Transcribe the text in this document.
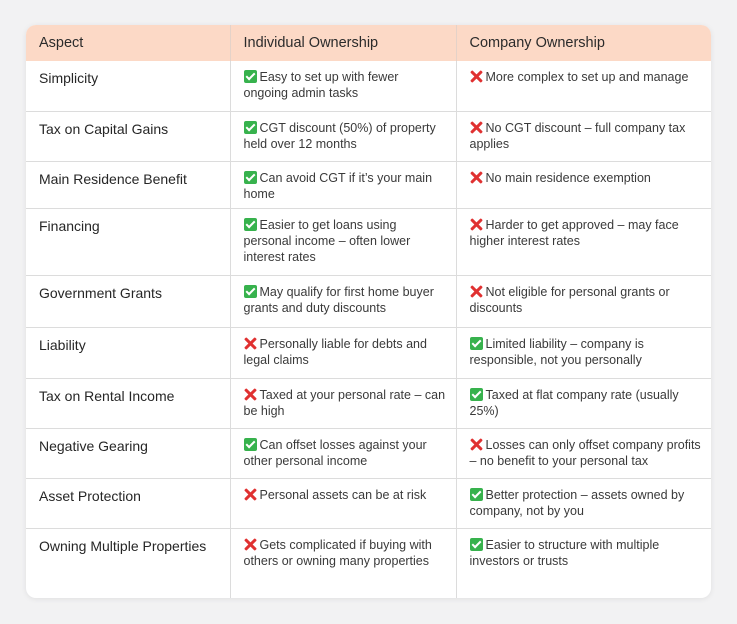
Aspect	Individual Ownership	Company Ownership
Simplicity	Easy to set up with fewer ongoing admin tasks	More complex to set up and manage
Tax on Capital Gains	CGT discount (50%) of property held over 12 months	No CGT discount – full company tax applies
Main Residence Benefit	Can avoid CGT if it’s your main home	No main residence exemption
Financing	Easier to get loans using personal income – often lower interest rates	Harder to get approved – may face higher interest rates
Government Grants	May qualify for first home buyer grants and duty discounts	Not eligible for personal grants or discounts
Liability	Personally liable for debts and legal claims	Limited liability – company is responsible, not you personally
Tax on Rental Income	Taxed at your personal rate – can be high	Taxed at flat company rate (usually 25%)
Negative Gearing	Can offset losses against your other personal income	Losses can only offset company profits – no benefit to your personal tax
Asset Protection	Personal assets can be at risk	Better protection – assets owned by company, not by you
Owning Multiple Properties	Gets complicated if buying with others or owning many properties	Easier to structure with multiple investors or trusts
